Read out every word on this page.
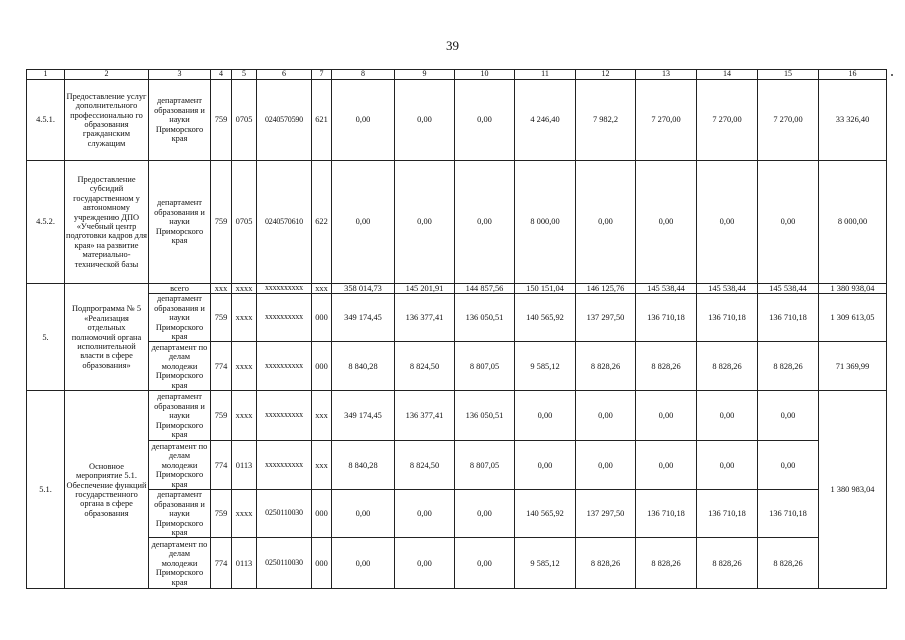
39
1	2	3	4	5	6	7	8	9	10	11	12	13	14	15	16
4.5.1.	Предоставление услуг дополнительного профессионально го образования гражданским служащим	департамент образования и науки Приморского края	759	0705	0240570590	621	0,00	0,00	0,00	4 246,40	7 982,2	7 270,00	7 270,00	7 270,00	33 326,40
4.5.2.	Предоставление субсидий государственном у автономному учреждению ДПО «Учебный центр подготовки кадров для края» на развитие материально-технической базы	департамент образования и науки Приморского края	759	0705	0240570610	622	0,00	0,00	0,00	8 000,00	0,00	0,00	0,00	0,00	8 000,00
5.	Подпрограмма № 5 «Реализация отдельных полномочий органа исполнительной власти в сфере образования»	всего	xxx	xxxx	xxxxxxxxxx	xxx	358 014,73	145 201,91	144 857,56	150 151,04	146 125,76	145 538,44	145 538,44	145 538,44	1 380 938,04
		департамент образования и науки Приморского края	759	xxxx	xxxxxxxxxx	000	349 174,45	136 377,41	136 050,51	140 565,92	137 297,50	136 710,18	136 710,18	136 710,18	1 309 613,05
		департамент по делам молодежи Приморского края	774	xxxx	xxxxxxxxxx	000	8 840,28	8 824,50	8 807,05	9 585,12	8 828,26	8 828,26	8 828,26	8 828,26	71 369,99
5.1.	Основное мероприятие 5.1. Обеспечение функций государственного органа в сфере образования	департамент образования и науки Приморского края	759	xxxx	xxxxxxxxxx	xxx	349 174,45	136 377,41	136 050,51	0,00	0,00	0,00	0,00	0,00	1 380 983,04
		департамент по делам молодежи Приморского края	774	0113	xxxxxxxxxx	xxx	8 840,28	8 824,50	8 807,05	0,00	0,00	0,00	0,00	0,00	
		департамент образования и науки Приморского края	759	xxxx	0250110030	000	0,00	0,00	0,00	140 565,92	137 297,50	136 710,18	136 710,18	136 710,18	
		департамент по делам молодежи Приморского края	774	0113	0250110030	000	0,00	0,00	0,00	9 585,12	8 828,26	8 828,26	8 828,26	8 828,26	
